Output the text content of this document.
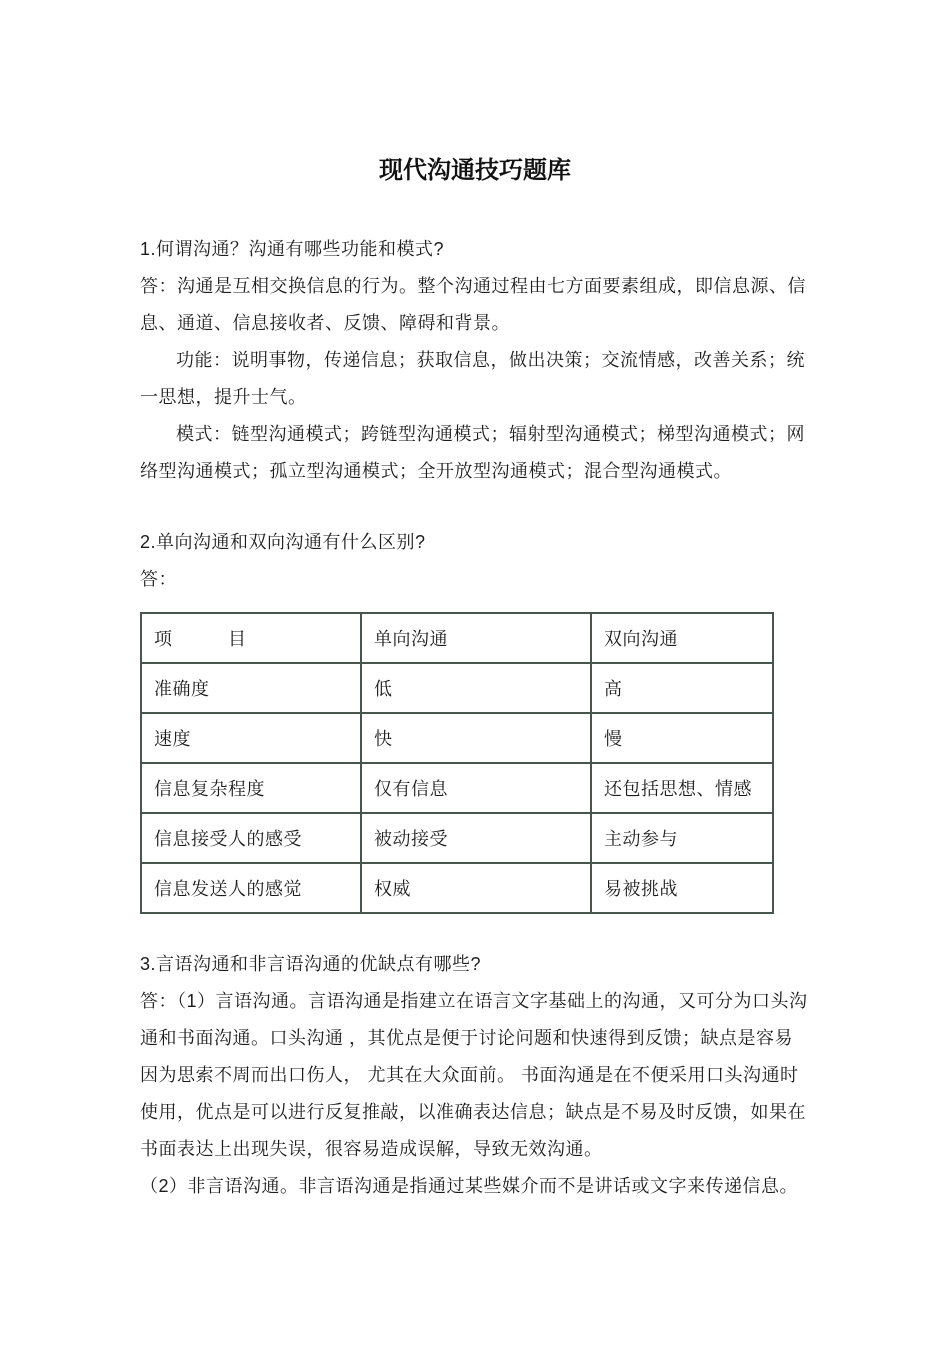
现代沟通技巧题库

1.何谓沟通？沟通有哪些功能和模式?

答：沟通是互相交换信息的行为。整个沟通过程由七方面要素组成，即信息源、信息、通道、信息接收者、反馈、障碍和背景。

功能：说明事物，传递信息；获取信息，做出决策；交流情感，改善关系；统一思想，提升士气。

模式：链型沟通模式；跨链型沟通模式；辐射型沟通模式；梯型沟通模式；网络型沟通模式；孤立型沟通模式；全开放型沟通模式；混合型沟通模式。

2.单向沟通和双向沟通有什么区别?

答：

项　　　目	单向沟通	双向沟通
准确度	低	高
速度	快	慢
信息复杂程度	仅有信息	还包括思想、情感
信息接受人的感受	被动接受	主动参与
信息发送人的感觉	权威	易被挑战

3.言语沟通和非言语沟通的优缺点有哪些?

答：（1）言语沟通。言语沟通是指建立在语言文字基础上的沟通，又可分为口头沟通和书面沟通。口头沟通 ，其优点是便于讨论问题和快速得到反馈；缺点是容易因为思索不周而出口伤人， 尤其在大众面前。 书面沟通是在不便采用口头沟通时使用，优点是可以进行反复推敲，以准确表达信息；缺点是不易及时反馈，如果在书面表达上出现失误，很容易造成误解，导致无效沟通。

（2）非言语沟通。非言语沟通是指通过某些媒介而不是讲话或文字来传递信息。
